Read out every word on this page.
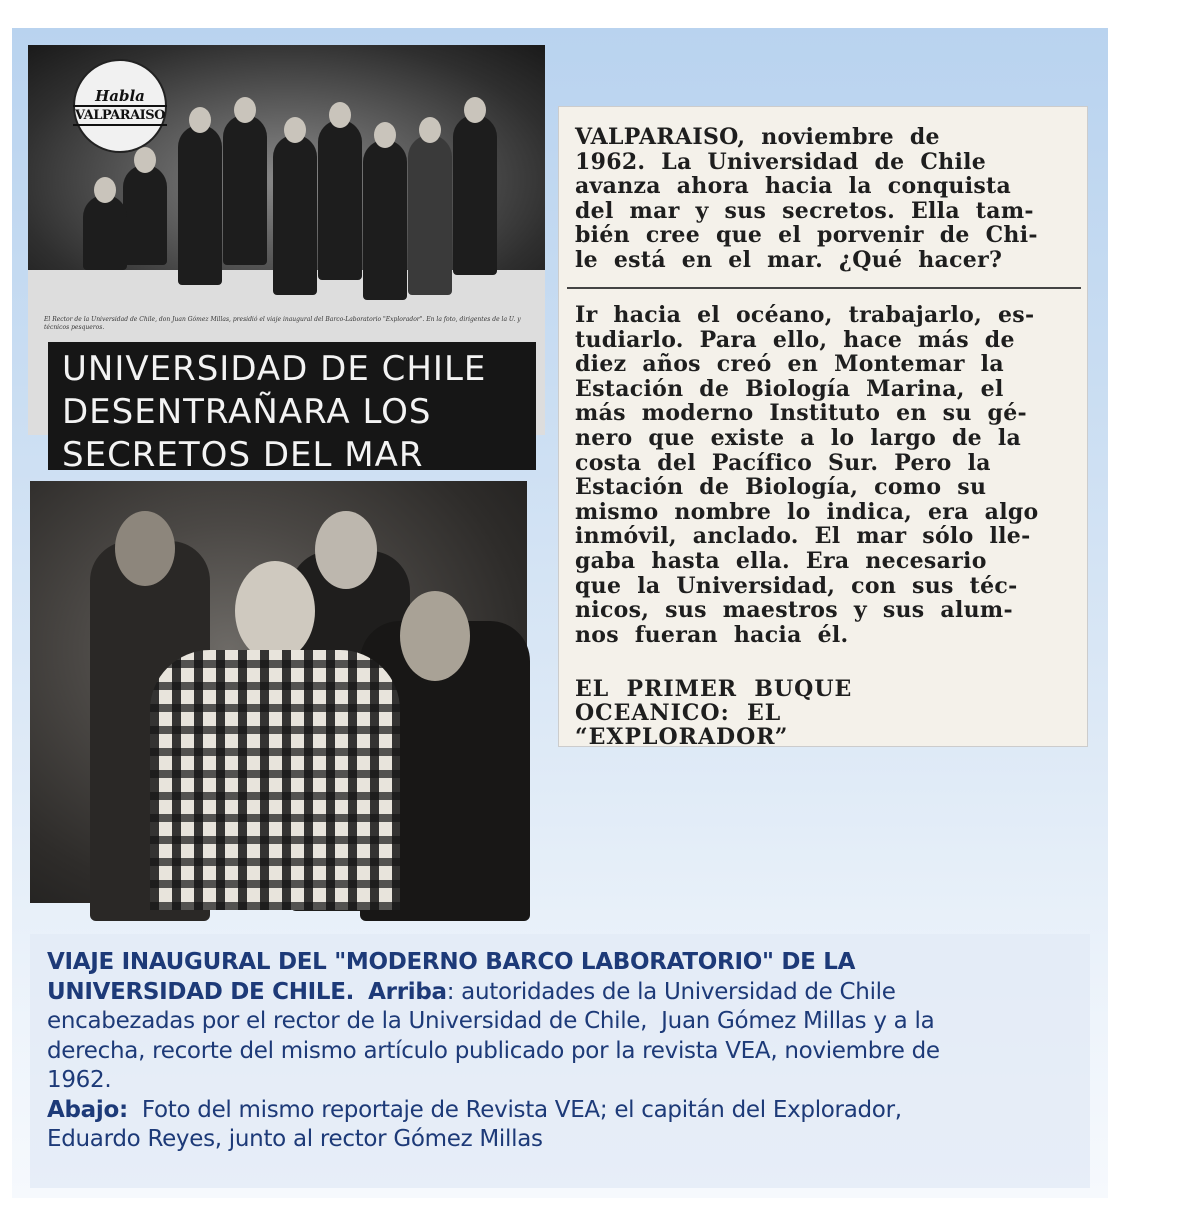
Habla
VALPARAISO
El Rector de la Universidad de Chile, don Juan Gómez Millas, presidió el viaje inaugural del Barco-Laboratorio "Explorador". En la foto, dirigentes de la U. y técnicos pesqueros.
UNIVERSIDAD DE CHILE
DESENTRAÑARA LOS
SECRETOS DEL MAR

VALPARAISO,  noviembre  de

1962.  La  Universidad  de  Chile

avanza  ahora  hacia  la  conquista

del  mar  y  sus  secretos.  Ella  tam-

bién  cree  que  el  porvenir  de  Chi-

le  está  en  el  mar.  ¿Qué  hacer?

Ir  hacia  el  océano,  trabajarlo,  es-

tudiarlo.  Para  ello,  hace  más  de

diez  años  creó  en  Montemar  la

Estación  de  Biología  Marina,  el

más  moderno  Instituto  en  su  gé-

nero  que  existe  a  lo  largo  de  la

costa  del  Pacífico  Sur.  Pero  la

Estación  de  Biología,  como  su

mismo  nombre  lo  indica,  era  algo

inmóvil,  anclado.  El  mar  sólo  lle-

gaba  hasta  ella.  Era  necesario

que  la  Universidad,  con  sus  téc-

nicos,  sus  maestros  y  sus  alum-

nos  fueran  hacia  él.

EL  PRIMER  BUQUE

OCEANICO:  EL

“EXPLORADOR”

VIAJE INAUGURAL DEL "MODERNO BARCO LABORATORIO" DE LA

UNIVERSIDAD DE CHILE. Arriba: autoridades de la Universidad de Chile

encabezadas por el rector de la Universidad de Chile,  Juan Gómez Millas y a la

derecha, recorte del mismo artículo publicado por la revista VEA, noviembre de

1962.

Abajo:  Foto del mismo reportaje de Revista VEA; el capitán del Explorador,

Eduardo Reyes, junto al rector Gómez Millas
